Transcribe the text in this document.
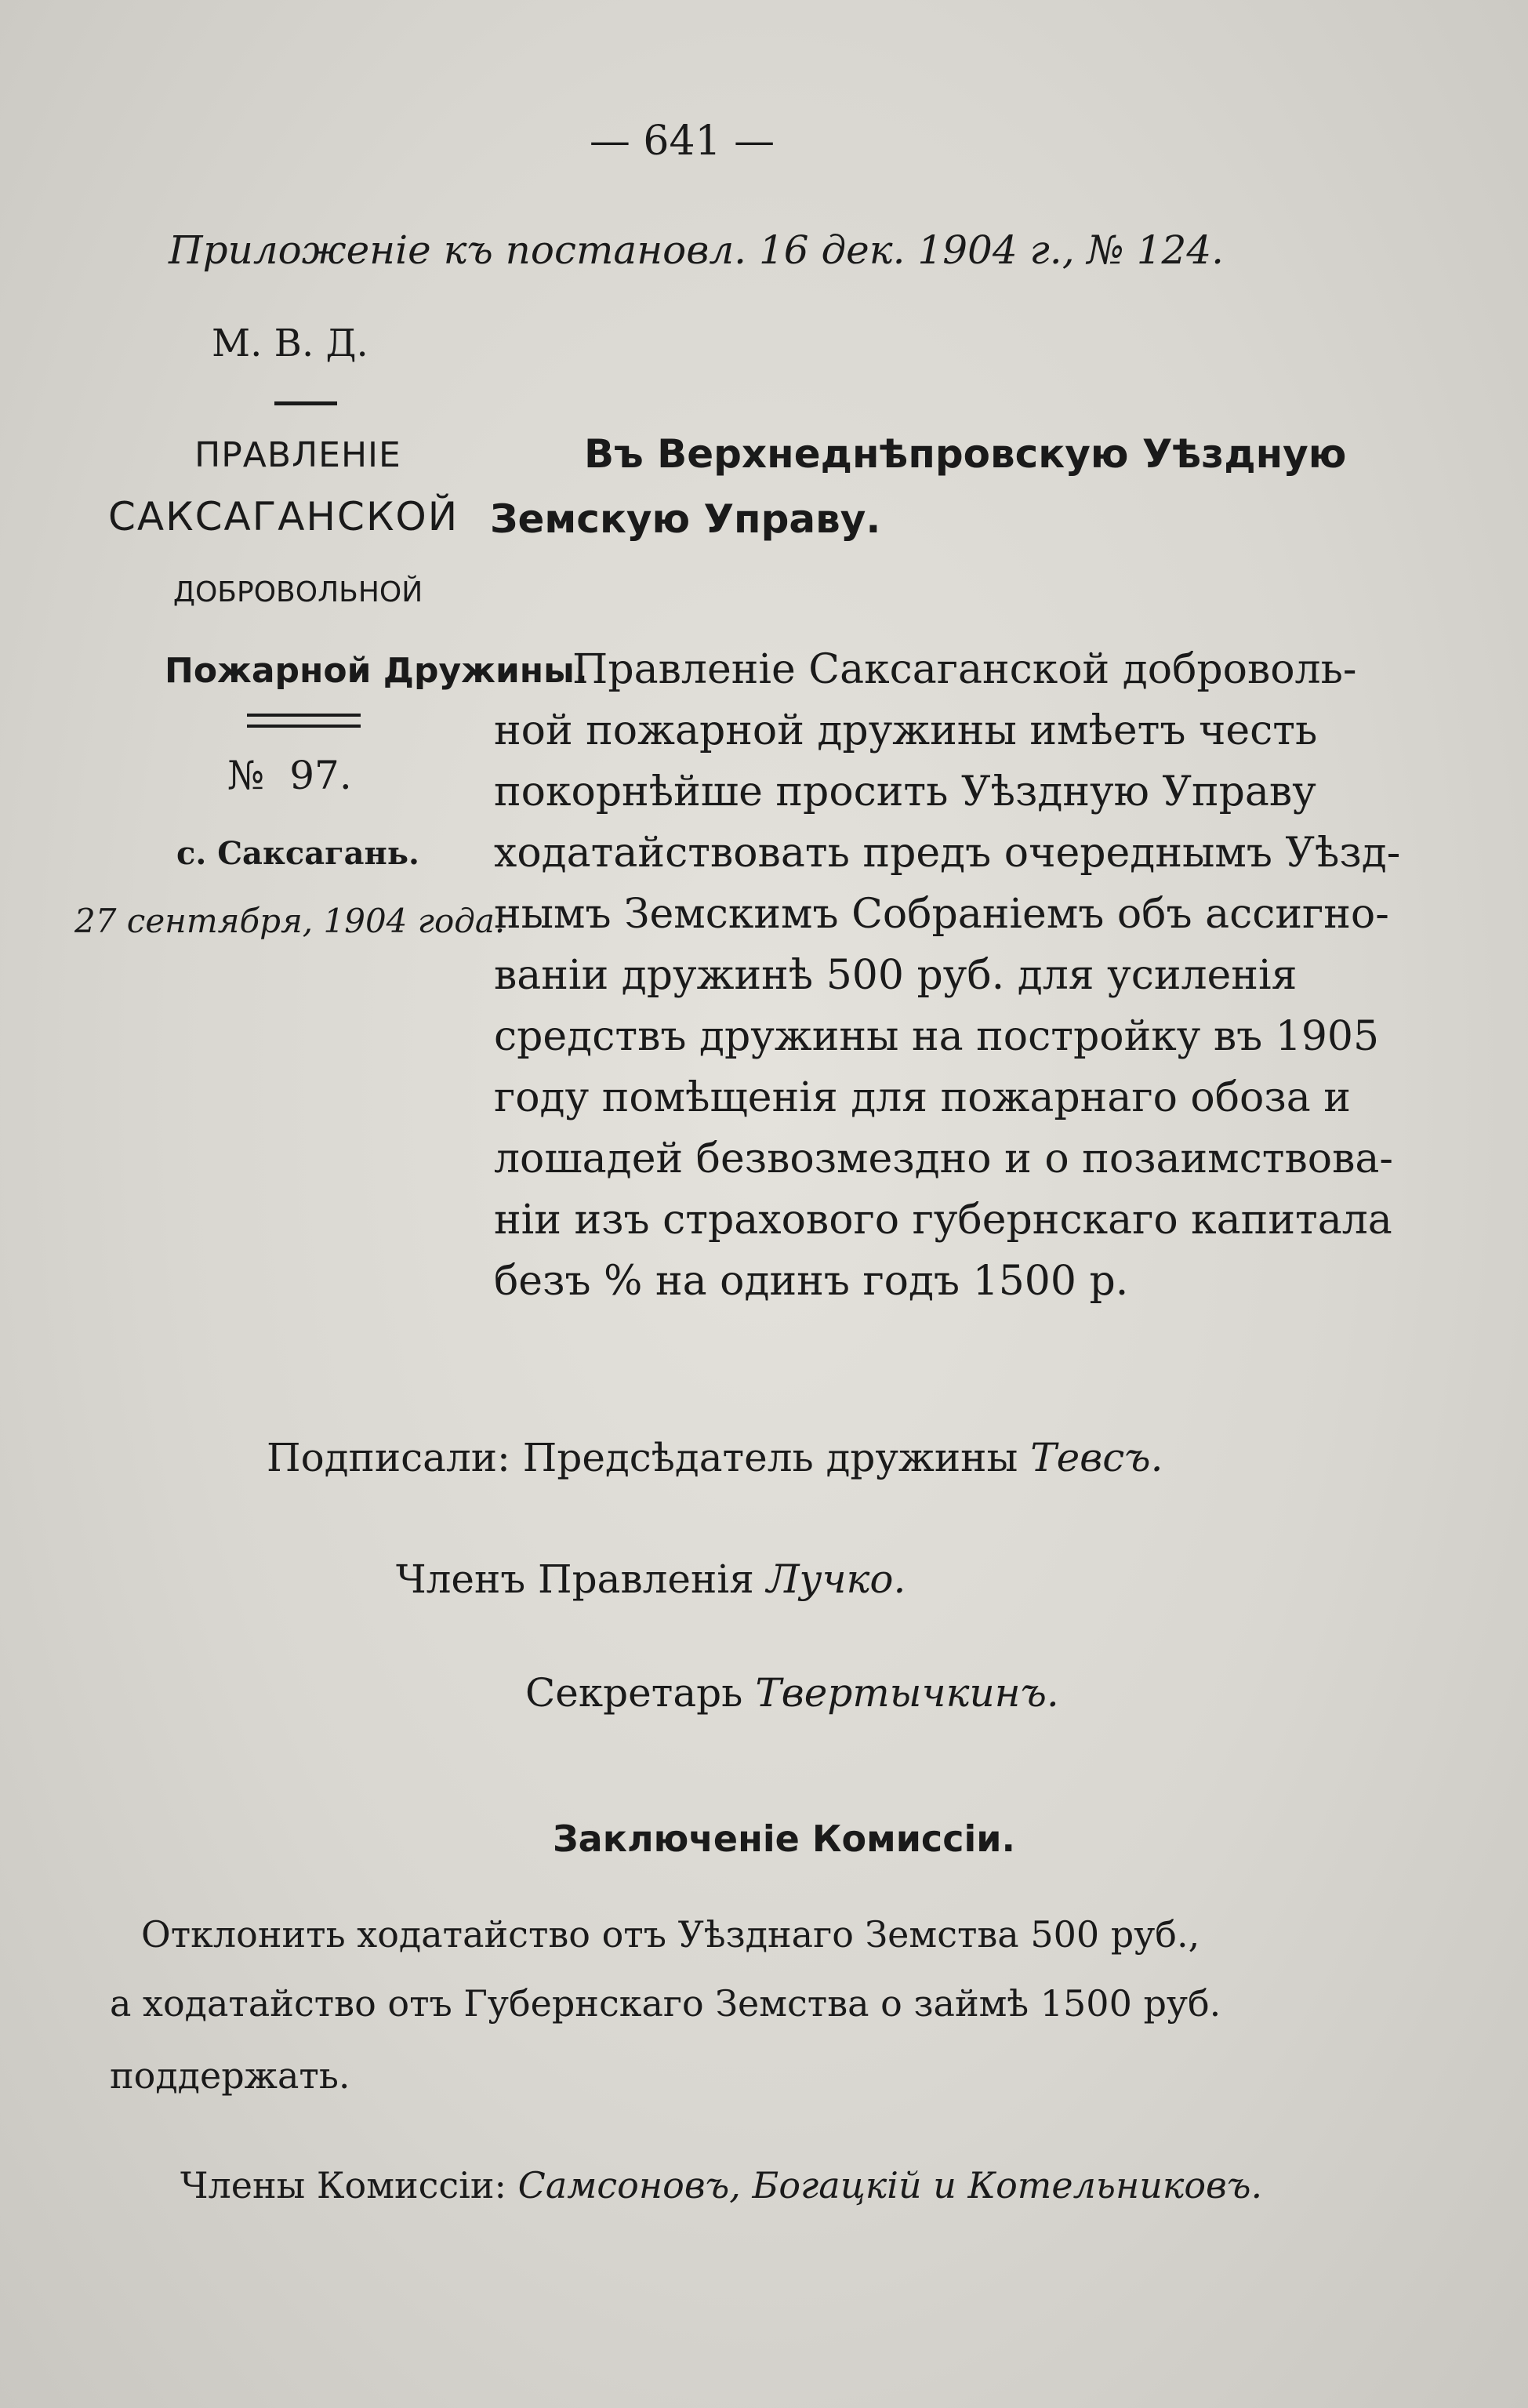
— 641 —
Приложеніе къ постановл. 16 дек. 1904 г., № 124.
М. В. Д.
ПРАВЛЕНІЕ
САКСАГАНСКОЙ
ДОБРОВОЛЬНОЙ
Пожарной Дружины.
№ 97.
с. Саксагань.
27 сентября, 1904 года.
Въ Верхнеднѣпровскую Уѣздную
Земскую Управу.
Правленіе Саксаганской доброволь-
ной пожарной дружины имѣетъ честь
покорнѣйше просить Уѣздную Управу
ходатайствовать предъ очереднымъ Уѣзд-
нымъ Земскимъ Собраніемъ объ ассигно-
ваніи дружинѣ 500 руб. для усиленія
средствъ дружины на постройку въ 1905
году помѣщенія для пожарнаго обоза и
лошадей безвозмездно и о позаимствова-
ніи изъ страхового губернскаго капитала
безъ % на одинъ годъ 1500 р.
Подписали: Предсѣдатель дружины Тевсъ.
Членъ Правленія Лучко.
Секретарь Твертычкинъ.
Заключеніе Комиссіи.
Отклонить ходатайство отъ Уѣзднаго Земства 500 руб.,
а ходатайство отъ Губернскаго Земства о займѣ 1500 руб.
поддержать.
Члены Комиссіи: Самсоновъ, Богацкій и Котельниковъ.
